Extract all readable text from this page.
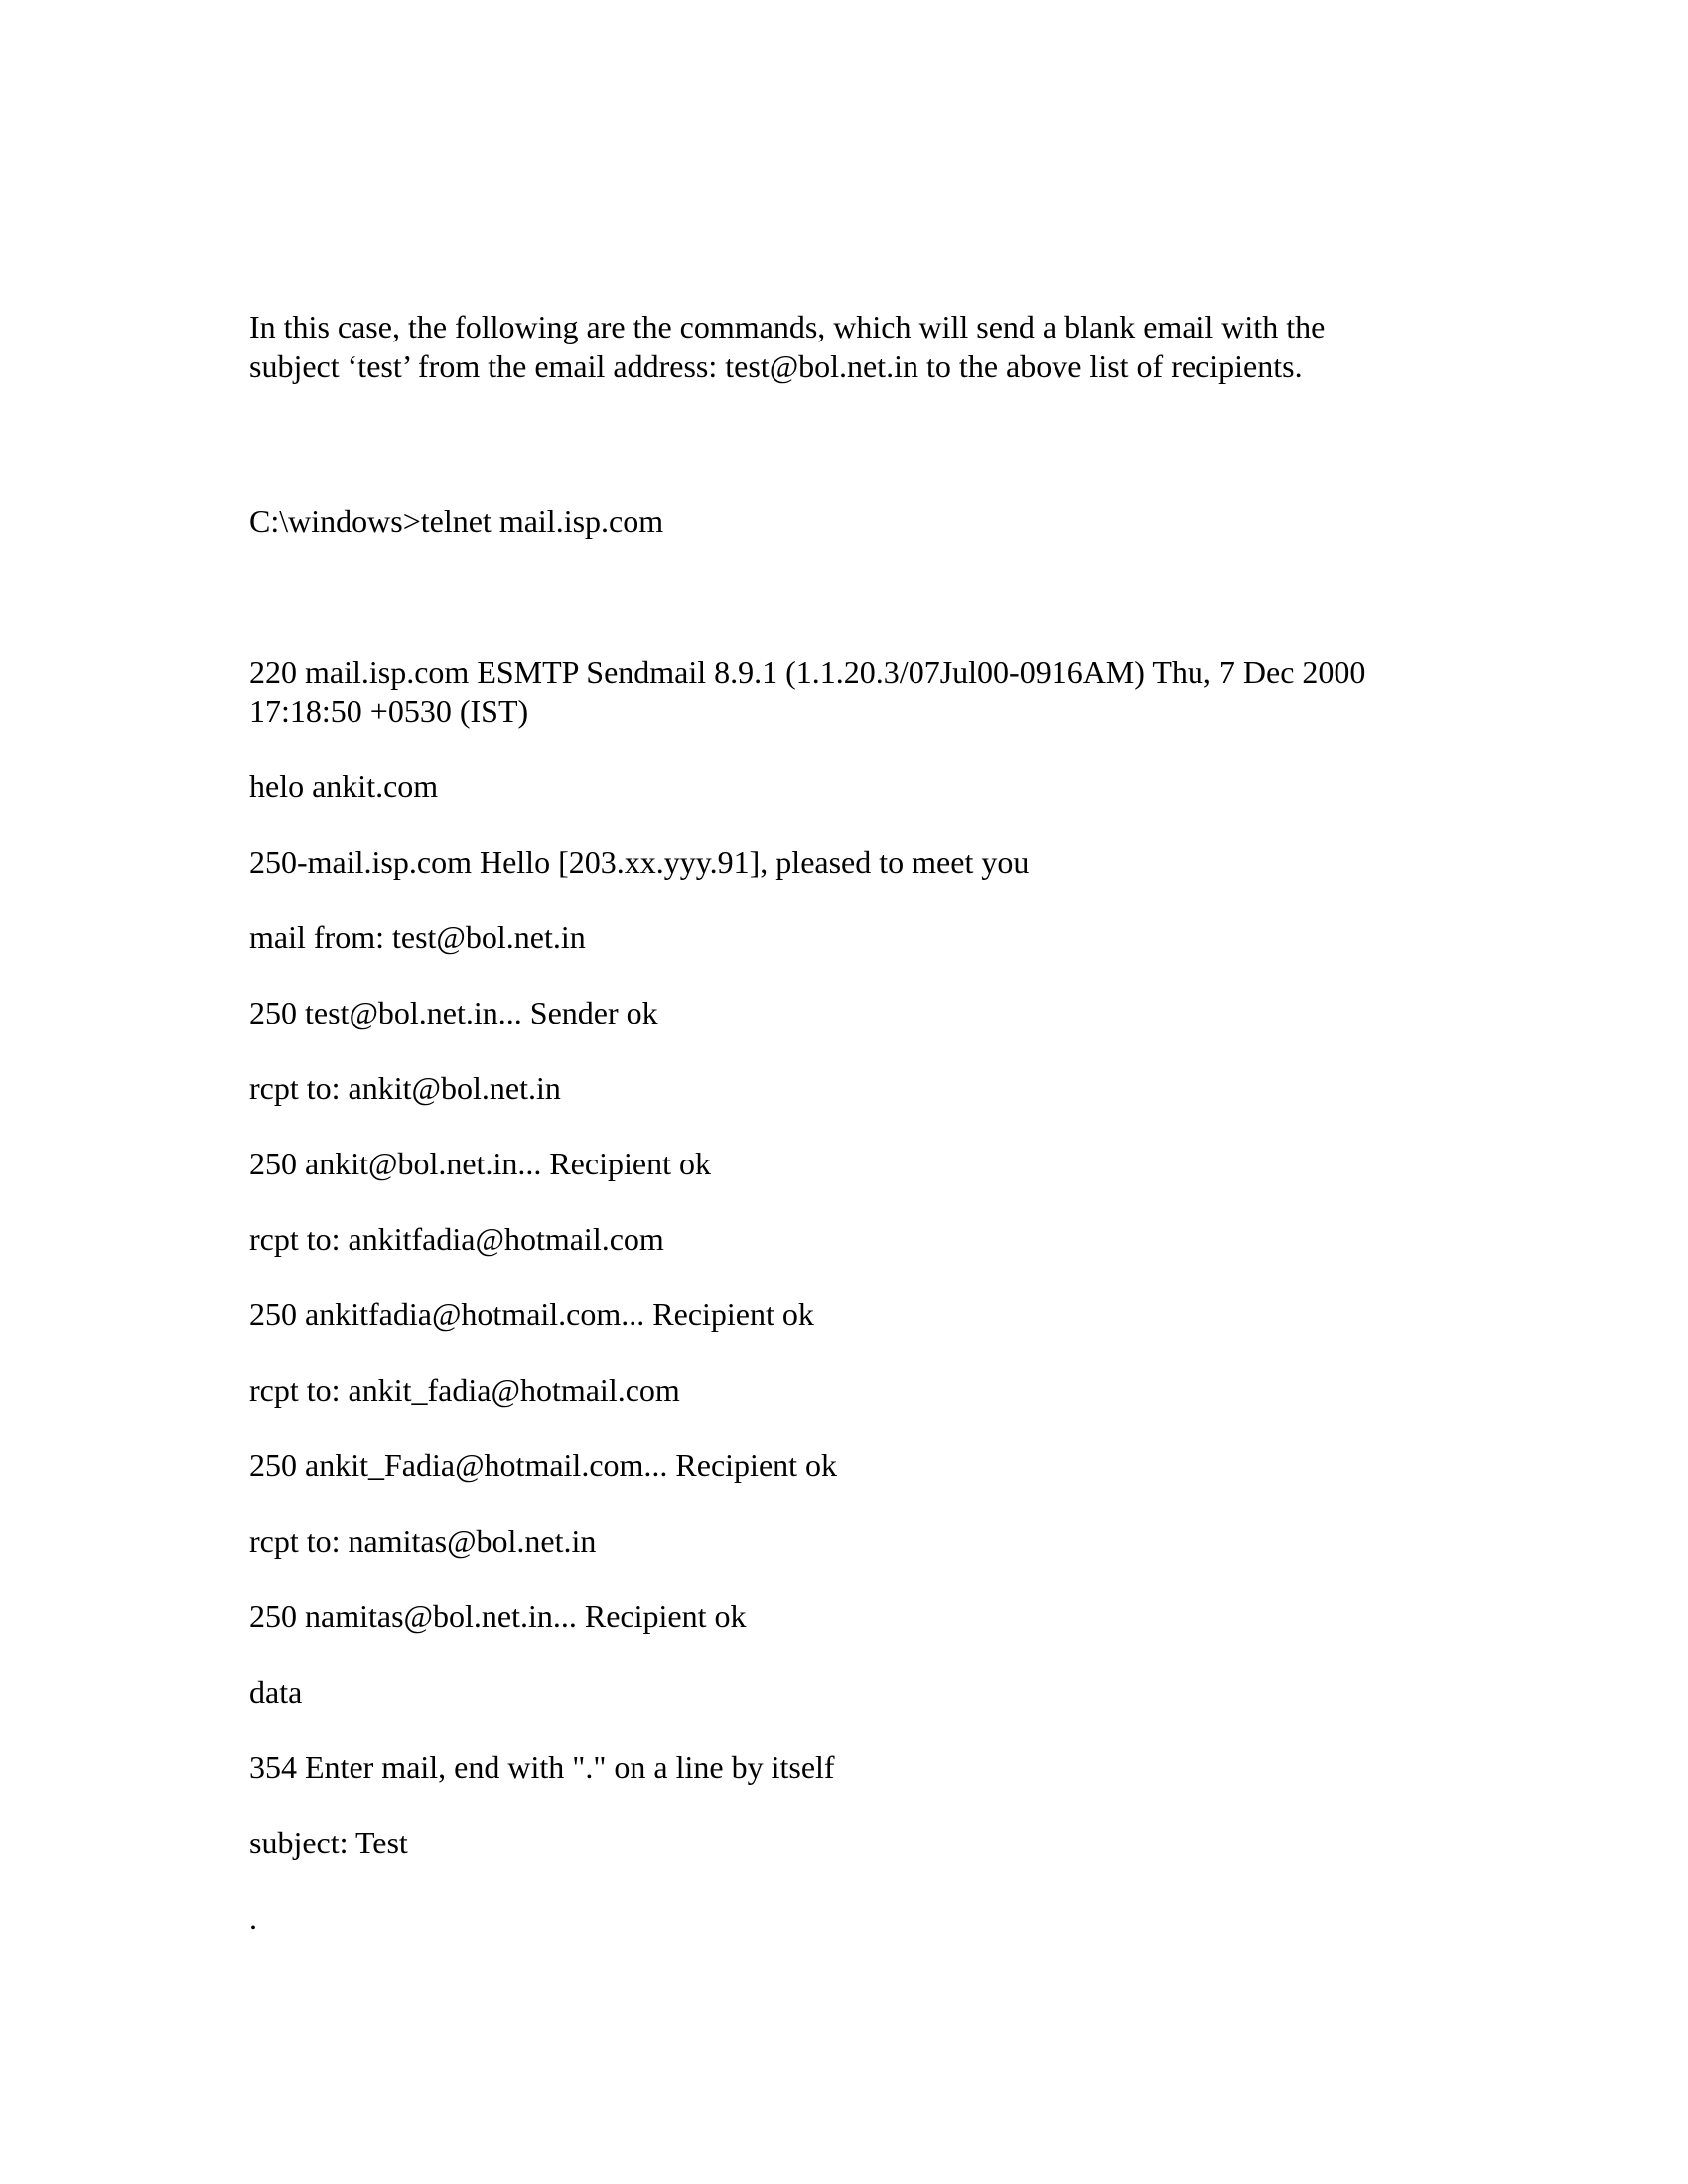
In this case, the following are the commands, which will send a blank email with the

subject ‘test’ from the email address: test@bol.net.in to the above list of recipients.

C:\windows>telnet mail.isp.com

220 mail.isp.com ESMTP Sendmail 8.9.1 (1.1.20.3/07Jul00-0916AM) Thu, 7 Dec 2000

17:18:50 +0530 (IST)

helo ankit.com

250-mail.isp.com Hello [203.xx.yyy.91], pleased to meet you

mail from: test@bol.net.in

250 test@bol.net.in... Sender ok

rcpt to: ankit@bol.net.in

250 ankit@bol.net.in... Recipient ok

rcpt to: ankitfadia@hotmail.com

250 ankitfadia@hotmail.com... Recipient ok

rcpt to: ankit_fadia@hotmail.com

250 ankit_Fadia@hotmail.com... Recipient ok

rcpt to: namitas@bol.net.in

250 namitas@bol.net.in... Recipient ok

data

354 Enter mail, end with "." on a line by itself

subject: Test

.
